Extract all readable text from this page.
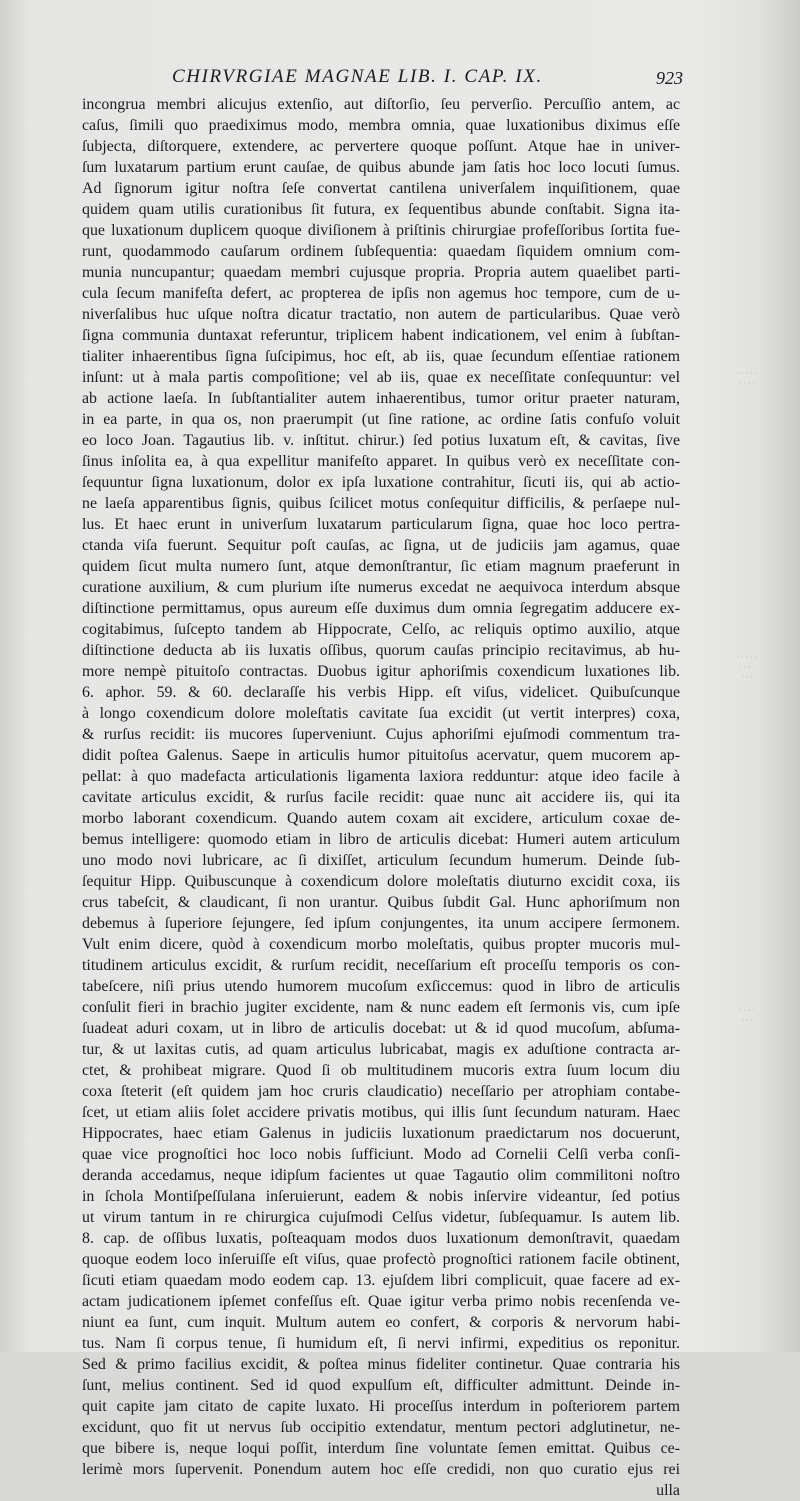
CHIRVRGIAE MAGNAE LIB. I. CAP. IX.	923
incongrua membri alicujus extenſio, aut diſtorſio, ſeu perverſio. Percuſſio antem, ac
caſus, ſimili quo praediximus modo, membra omnia, quae luxationibus diximus eſſe
ſubjecta, diſtorquere, extendere, ac pervertere quoque poſſunt. Atque hae in univer-
ſum luxatarum partium erunt cauſae, de quibus abunde jam ſatis hoc loco locuti ſumus.
Ad ſignorum igitur noſtra ſeſe convertat cantilena univerſalem inquiſitionem, quae
quidem quam utilis curationibus ſit futura, ex ſequentibus abunde conſtabit. Signa ita-
que luxationum duplicem quoque diviſionem à priſtinis chirurgiae profeſſoribus ſortita fue-
runt, quodammodo cauſarum ordinem ſubſequentia: quaedam ſiquidem omnium com-
munia nuncupantur; quaedam membri cujusque propria. Propria autem quaelibet parti-
cula ſecum manifeſta defert, ac propterea de ipſis non agemus hoc tempore, cum de u-
niverſalibus huc uſque noſtra dicatur tractatio, non autem de particularibus. Quae verò
ſigna communia duntaxat referuntur, triplicem habent indicationem, vel enim à ſubſtan-
tialiter inhaerentibus ſigna ſuſcipimus, hoc eſt, ab iis, quae ſecundum eſſentiae rationem
inſunt: ut à mala partis compoſitione; vel ab iis, quae ex neceſſitate conſequuntur: vel
ab actione laeſa. In ſubſtantialiter autem inhaerentibus, tumor oritur praeter naturam,
in ea parte, in qua os, non praerumpit (ut ſine ratione, ac ordine ſatis confuſo voluit
eo loco Joan. Tagautius lib. v. inſtitut. chirur.) ſed potius luxatum eſt, & cavitas, ſive
ſinus inſolita ea, à qua expellitur manifeſto apparet. In quibus verò ex neceſſitate con-
ſequuntur ſigna luxationum, dolor ex ipſa luxatione contrahitur, ſicuti iis, qui ab actio-
ne laeſa apparentibus ſignis, quibus ſcilicet motus conſequitur difficilis, & perſaepe nul-
lus. Et haec erunt in univerſum luxatarum particularum ſigna, quae hoc loco pertra-
ctanda viſa fuerunt. Sequitur poſt cauſas, ac ſigna, ut de judiciis jam agamus, quae
quidem ſicut multa numero ſunt, atque demonſtrantur, ſic etiam magnum praeferunt in
curatione auxilium, & cum plurium iſte numerus excedat ne aequivoca interdum absque
diſtinctione permittamus, opus aureum eſſe duximus dum omnia ſegregatim adducere ex-
cogitabimus, ſuſcepto tandem ab Hippocrate, Celſo, ac reliquis optimo auxilio, atque
diſtinctione deducta ab iis luxatis oſſibus, quorum cauſas principio recitavimus, ab hu-
more nempè pituitoſo contractas. Duobus igitur aphoriſmis coxendicum luxationes lib.
6. aphor. 59. & 60. declaraſſe his verbis Hipp. eſt viſus, videlicet. Quibuſcunque
à longo coxendicum dolore moleſtatis cavitate ſua excidit (ut vertit interpres) coxa,
& rurſus recidit: iis mucores ſuperveniunt. Cujus aphoriſmi ejuſmodi commentum tra-
didit poſtea Galenus. Saepe in articulis humor pituitoſus acervatur, quem mucorem ap-
pellat: à quo madefacta articulationis ligamenta laxiora redduntur: atque ideo facile à
cavitate articulus excidit, & rurſus facile recidit: quae nunc ait accidere iis, qui ita
morbo laborant coxendicum. Quando autem coxam ait excidere, articulum coxae de-
bemus intelligere: quomodo etiam in libro de articulis dicebat: Humeri autem articulum
uno modo novi lubricare, ac ſi dixiſſet, articulum ſecundum humerum. Deinde ſub-
ſequitur Hipp. Quibuscunque à coxendicum dolore moleſtatis diuturno excidit coxa, iis
crus tabeſcit, & claudicant, ſi non urantur. Quibus ſubdit Gal. Hunc aphoriſmum non
debemus à ſuperiore ſejungere, ſed ipſum conjungentes, ita unum accipere ſermonem.
Vult enim dicere, quòd à coxendicum morbo moleſtatis, quibus propter mucoris mul-
titudinem articulus excidit, & rurſum recidit, neceſſarium eſt proceſſu temporis os con-
tabeſcere, niſi prius utendo humorem mucoſum exſiccemus: quod in libro de articulis
conſulit fieri in brachio jugiter excidente, nam & nunc eadem eſt ſermonis vis, cum ipſe
ſuadeat aduri coxam, ut in libro de articulis docebat: ut & id quod mucoſum, abſuma-
tur, & ut laxitas cutis, ad quam articulus lubricabat, magis ex aduſtione contracta ar-
ctet, & prohibeat migrare. Quod ſi ob multitudinem mucoris extra ſuum locum diu
coxa ſteterit (eſt quidem jam hoc cruris claudicatio) neceſſario per atrophiam contabe-
ſcet, ut etiam aliis ſolet accidere privatis motibus, qui illis ſunt ſecundum naturam. Haec
Hippocrates, haec etiam Galenus in judiciis luxationum praedictarum nos docuerunt,
quae vice prognoſtici hoc loco nobis ſufficiunt. Modo ad Cornelii Celſi verba conſi-
deranda accedamus, neque idipſum facientes ut quae Tagautio olim commilitoni noſtro
in ſchola Montiſpeſſulana inſeruierunt, eadem & nobis inſervire videantur, ſed potius
ut virum tantum in re chirurgica cujuſmodi Celſus videtur, ſubſequamur. Is autem lib.
8. cap. de oſſibus luxatis, poſteaquam modos duos luxationum demonſtravit, quaedam
quoque eodem loco inſeruiſſe eſt viſus, quae profectò prognoſtici rationem facile obtinent,
ſicuti etiam quaedam modo eodem cap. 13. ejuſdem libri complicuit, quae facere ad ex-
actam judicationem ipſemet confeſſus eſt. Quae igitur verba primo nobis recenſenda ve-
niunt ea ſunt, cum inquit. Multum autem eo confert, & corporis & nervorum habi-
tus. Nam ſi corpus tenue, ſi humidum eſt, ſi nervi infirmi, expeditius os reponitur.
Sed & primo facilius excidit, & poſtea minus fideliter continetur. Quae contraria his
ſunt, melius continent. Sed id quod expulſum eſt, difficulter admittunt. Deinde in-
quit capite jam citato de capite luxato. Hi proceſſus interdum in poſteriorem partem
excidunt, quo fit ut nervus ſub occipitio extendatur, mentum pectori adglutinetur, ne-
que bibere is, neque loqui poſſit, interdum ſine voluntate ſemen emittat. Quibus ce-
lerimè mors ſupervenit. Ponendum autem hoc eſſe credidi, non quo curatio ejus rei
ulla
· · · · ·
· · · ·
· · · · ·
· · · ·
· · ·
· · · ·
· · ·
